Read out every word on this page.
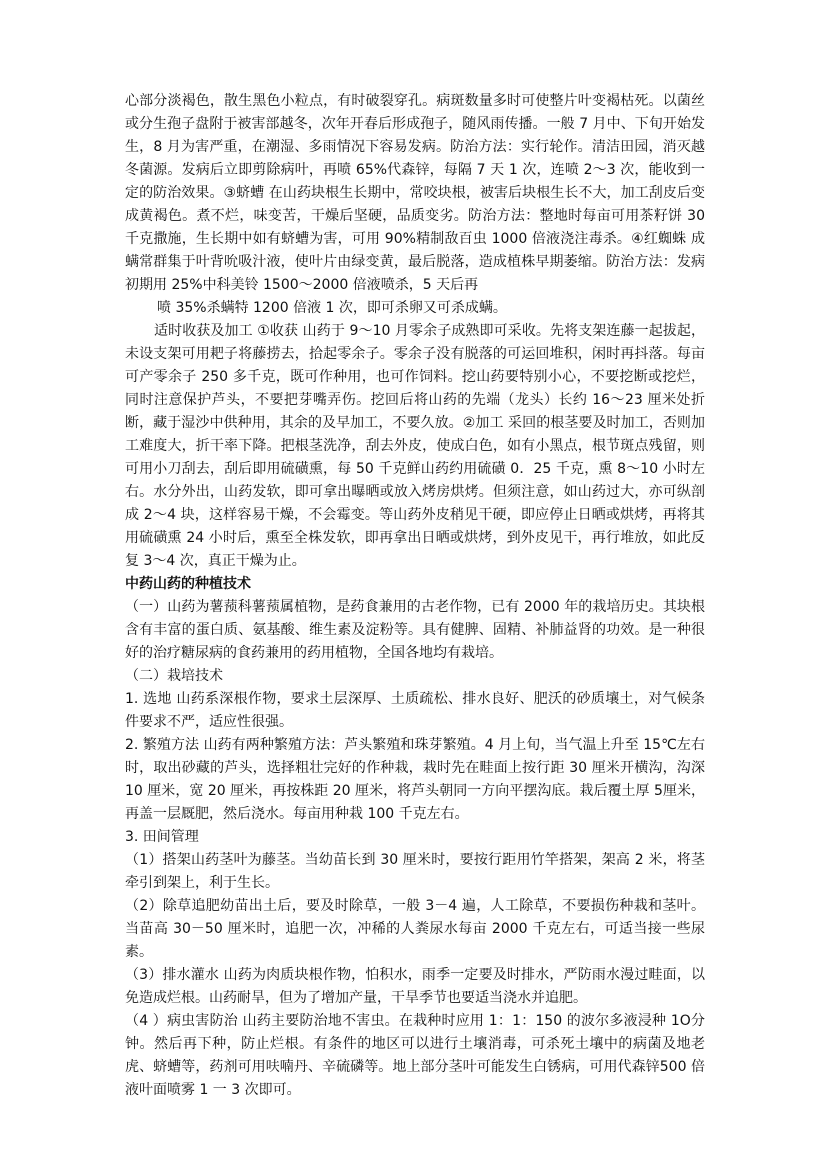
心部分淡褐色，散生黑色小粒点，有时破裂穿孔。病斑数量多时可使整片叶变褐枯死。以菌丝或分生孢子盘附于被害部越冬，次年开春后形成孢子，随风雨传播。一般 7 月中、下旬开始发生，8 月为害严重，在潮湿、多雨情况下容易发病。防治方法：实行轮作。清洁田园，消灭越冬菌源。发病后立即剪除病叶，再喷 65%代森锌，每隔 7 天 1 次，连喷 2～3 次，能收到一定的防治效果。③蛴螬 在山药块根生长期中，常咬块根，被害后块根生长不大，加工刮皮后变成黄褐色。煮不烂，味变苦，干燥后坚硬，品质变劣。防治方法：整地时每亩可用茶籽饼 30 千克撒施，生长期中如有蛴螬为害，可用 90%精制敌百虫 1000 倍液浇注毒杀。④红蜘蛛 成螨常群集于叶背吮吸汁液，使叶片由绿变黄，最后脱落，造成植株早期萎缩。防治方法：发病初期用 25%中科美铃 1500～2000 倍液喷杀，5 天后再

喷 35%杀螨特 1200 倍液 1 次，即可杀卵又可杀成螨。

适时收获及加工 ①收获 山药于 9～10 月零余子成熟即可采收。先将支架连藤一起拔起，未设支架可用耙子将藤捞去，拾起零余子。零余子没有脱落的可运回堆积，闲时再抖落。每亩可产零余子 250 多千克，既可作种用，也可作饲料。挖山药要特别小心，不要挖断或挖烂，同时注意保护芦头，不要把芽嘴弄伤。挖回后将山药的先端（龙头）长约 16～23 厘米处折断，藏于湿沙中供种用，其余的及早加工，不要久放。②加工 采回的根茎要及时加工，否则加工难度大，折干率下降。把根茎洗净，刮去外皮，使成白色，如有小黑点，根节斑点残留，则可用小刀刮去，刮后即用硫磺熏，每 50 千克鲜山药约用硫磺 0．25 千克，熏 8～10 小时左右。水分外出，山药发软，即可拿出曝晒或放入烤房烘烤。但须注意，如山药过大，亦可纵剖成 2～4 块，这样容易干燥，不会霉变。等山药外皮稍见干硬，即应停止日晒或烘烤，再将其用硫磺熏 24 小时后，熏至全株发软，即再拿出日晒或烘烤，到外皮见干，再行堆放，如此反复 3～4 次，真正干燥为止。

中药山药的种植技术

（一）山药为薯蓣科薯蓣属植物，是药食兼用的古老作物，已有 2000 年的栽培历史。其块根含有丰富的蛋白质、氨基酸、维生素及淀粉等。具有健脾、固精、补肺益肾的功效。是一种很好的治疗糖尿病的食药兼用的药用植物，全国各地均有栽培。

（二）栽培技术

1. 选地 山药系深根作物，要求土层深厚、土质疏松、排水良好、肥沃的砂质壤土，对气候条件要求不严，适应性很强。

2. 繁殖方法 山药有两种繁殖方法：芦头繁殖和珠芽繁殖。4 月上旬，当气温上升至 15℃左右时，取出砂藏的芦头，选择粗壮完好的作种栽，栽时先在畦面上按行距 30 厘米开横沟，沟深 10 厘米，宽 20 厘米，再按株距 20 厘米，将芦头朝同一方向平摆沟底。栽后覆土厚 5厘米，再盖一层厩肥，然后浇水。每亩用种栽 100 千克左右。

3. 田间管理

（1）搭架山药茎叶为藤茎。当幼苗长到 30 厘米时，要按行距用竹竿搭架，架高 2 米，将茎牵引到架上，利于生长。

（2）除草追肥幼苗出土后，要及时除草，一般 3－4 遍，人工除草，不要损伤种栽和茎叶。当苗高 30－50 厘米时，追肥一次，冲稀的人粪尿水每亩 2000 千克左右，可适当接一些尿素。

（3）排水灌水 山药为肉质块根作物，怕积水，雨季一定要及时排水，严防雨水漫过畦面，以免造成烂根。山药耐旱，但为了增加产量，干旱季节也要适当浇水并追肥。

（4 ）病虫害防治 山药主要防治地不害虫。在栽种时应用 1：1：150 的波尔多液浸种 1O分钟。然后再下种，防止烂根。有条件的地区可以进行土壤消毒，可杀死土壤中的病菌及地老虎、蛴螬等，药剂可用呋喃丹、辛硫磷等。地上部分茎叶可能发生白锈病，可用代森锌500 倍液叶面喷雾 1 一 3 次即可。
